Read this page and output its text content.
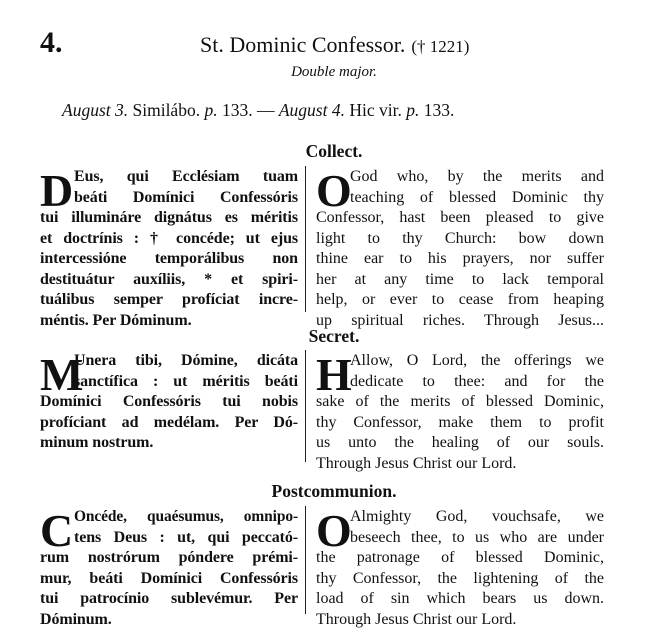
4.	St. Dominic Confessor. († 1221)
Double major.
August 3. Similábo. p. 133. — August 4. Hic vir. p. 133.
Collect.
D Eus, qui Ecclésiam tuam
beáti Domínici Confessóris
tui illumináre dignátus es méritis
et doctrínis : † concéde; ut ejus
intercessióne temporálibus non
destituátur auxíliis, * et spiri-
tuálibus semper profíciat incre-
méntis. Per Dóminum.
O
God who, by the merits and
teaching of blessed Dominic thy
Confessor, hast been pleased to give
light to thy Church: bow down
thine ear to his prayers, nor suffer
her at any time to lack temporal
help, or ever to cease from heaping
up spiritual riches. Through Jesus...
Secret.
M
Unera tibi, Dómine, dicáta
sanctífica : ut méritis beáti
Domínici Confessóris tui nobis
profíciant ad medélam. Per Dó-
minum nostrum.
H
Allow, O Lord, the offerings we
dedicate to thee: and for the
sake of the merits of blessed Dominic,
thy Confessor, make them to profit
us unto the healing of our souls.
Through Jesus Christ our Lord.
Postcommunion.
C Oncéde, quaésumus, omnipo-
tens Deus : ut, qui peccató-
rum nostrórum póndere prémi-
mur, beáti Domínici Confessóris
tui patrocínio sublevémur. Per
Dóminum.
O
Almighty God, vouchsafe, we
beseech thee, to us who are under
the patronage of blessed Dominic,
thy Confessor, the lightening of the
load of sin which bears us down.
Through Jesus Christ our Lord.
